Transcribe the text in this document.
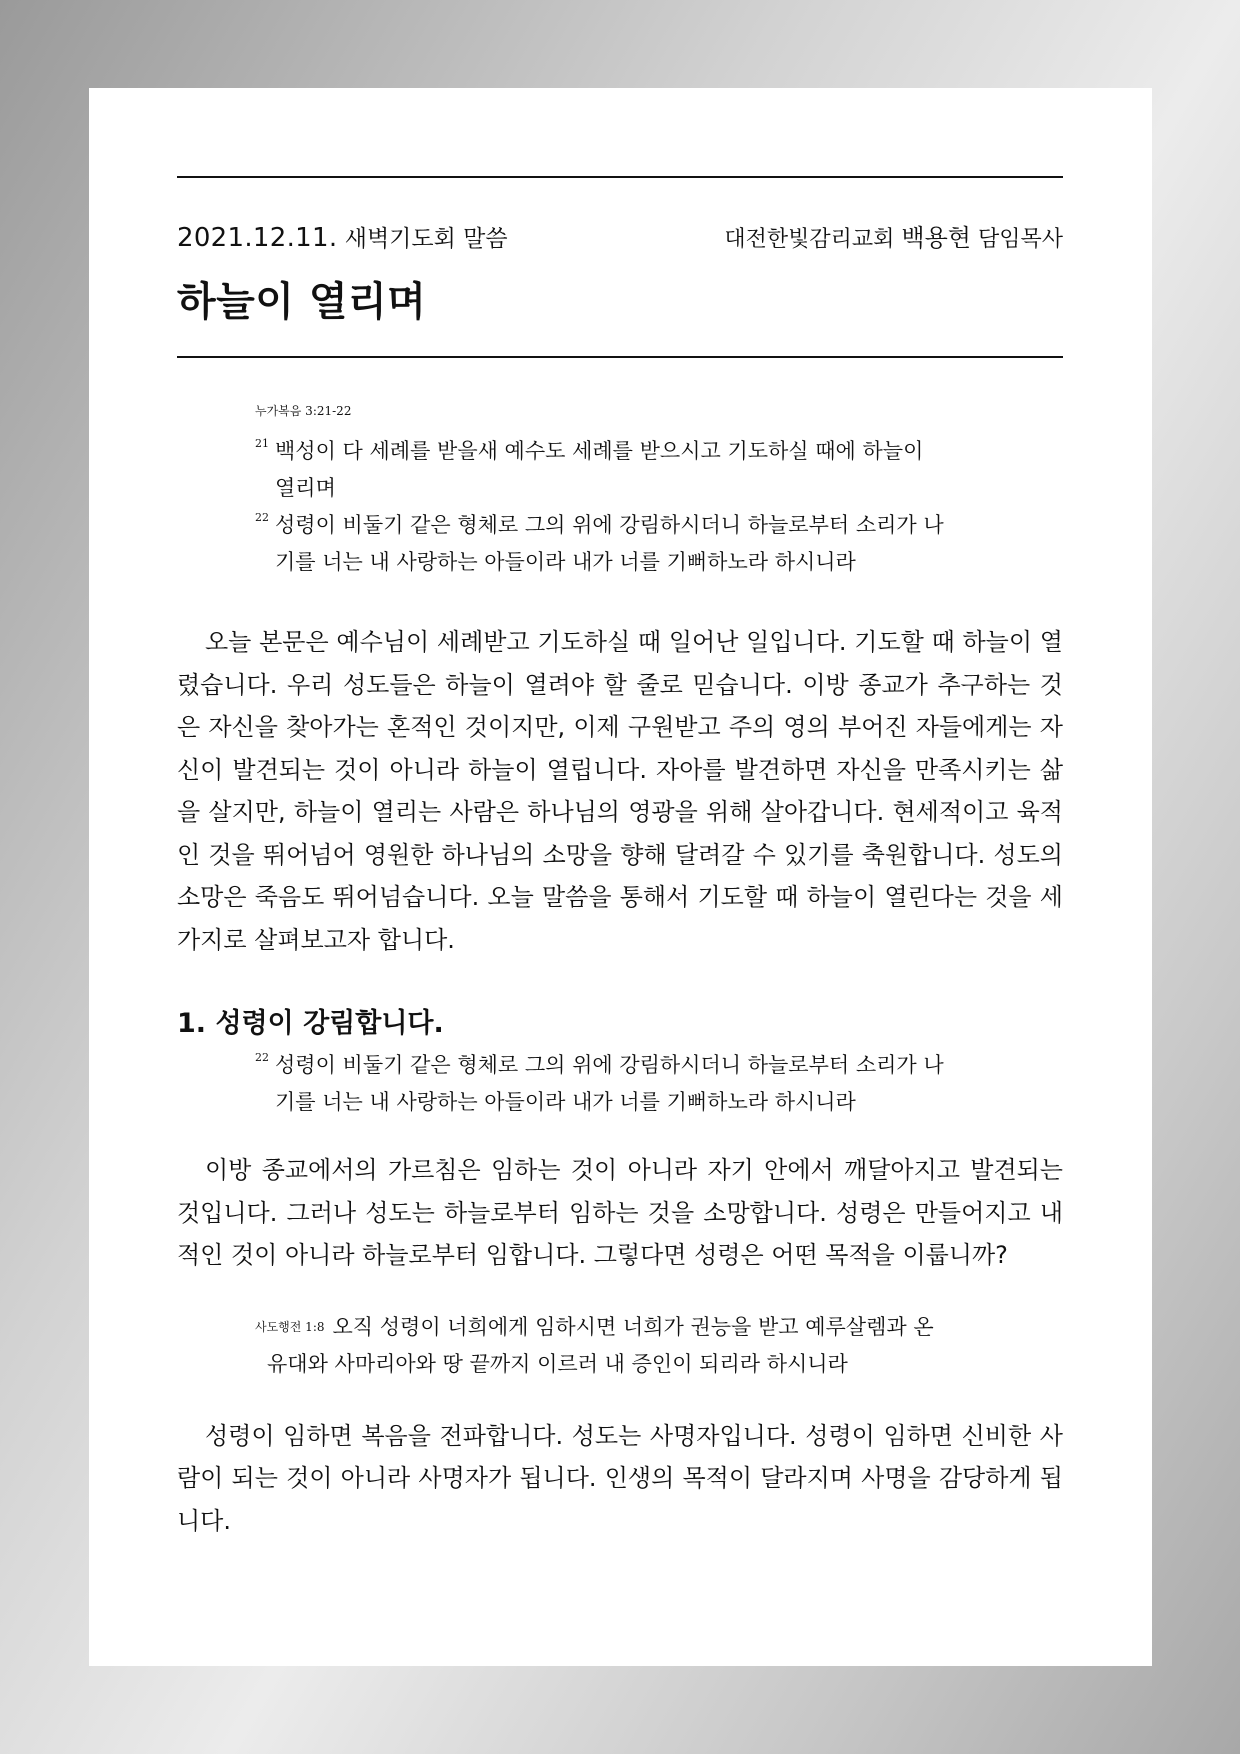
2021.12.11. 새벽기도회 말씀	대전한빛감리교회 백용현 담임목사
하늘이 열리며
누가복음 3:21-22
21 백성이 다 세례를 받을새 예수도 세례를 받으시고 기도하실 때에 하늘이
열리며
22 성령이 비둘기 같은 형체로 그의 위에 강림하시더니 하늘로부터 소리가 나
기를 너는 내 사랑하는 아들이라 내가 너를 기뻐하노라 하시니라

오늘 본문은 예수님이 세례받고 기도하실 때 일어난 일입니다. 기도할 때 하늘이 열렸습니다. 우리 성도들은 하늘이 열려야 할 줄로 믿습니다. 이방 종교가 추구하는 것은 자신을 찾아가는 혼적인 것이지만, 이제 구원받고 주의 영의 부어진 자들에게는 자신이 발견되는 것이 아니라 하늘이 열립니다. 자아를 발견하면 자신을 만족시키는 삶을 살지만, 하늘이 열리는 사람은 하나님의 영광을 위해 살아갑니다. 현세적이고 육적인 것을 뛰어넘어 영원한 하나님의 소망을 향해 달려갈 수 있기를 축원합니다. 성도의 소망은 죽음도 뛰어넘습니다. 오늘 말씀을 통해서 기도할 때 하늘이 열린다는 것을 세 가지로 살펴보고자 합니다.

1. 성령이 강림합니다.
22 성령이 비둘기 같은 형체로 그의 위에 강림하시더니 하늘로부터 소리가 나
기를 너는 내 사랑하는 아들이라 내가 너를 기뻐하노라 하시니라

이방 종교에서의 가르침은 임하는 것이 아니라 자기 안에서 깨달아지고 발견되는 것입니다. 그러나 성도는 하늘로부터 임하는 것을 소망합니다. 성령은 만들어지고 내적인 것이 아니라 하늘로부터 임합니다. 그렇다면 성령은 어떤 목적을 이룹니까?

$^{사도행전 1:8}$ 오직 성령이 너희에게 임하시면 너희가 권능을 받고 예루살렘과 온
유대와 사마리아와 땅 끝까지 이르러 내 증인이 되리라 하시니라

성령이 임하면 복음을 전파합니다. 성도는 사명자입니다. 성령이 임하면 신비한 사람이 되는 것이 아니라 사명자가 됩니다. 인생의 목적이 달라지며 사명을 감당하게 됩니다.
